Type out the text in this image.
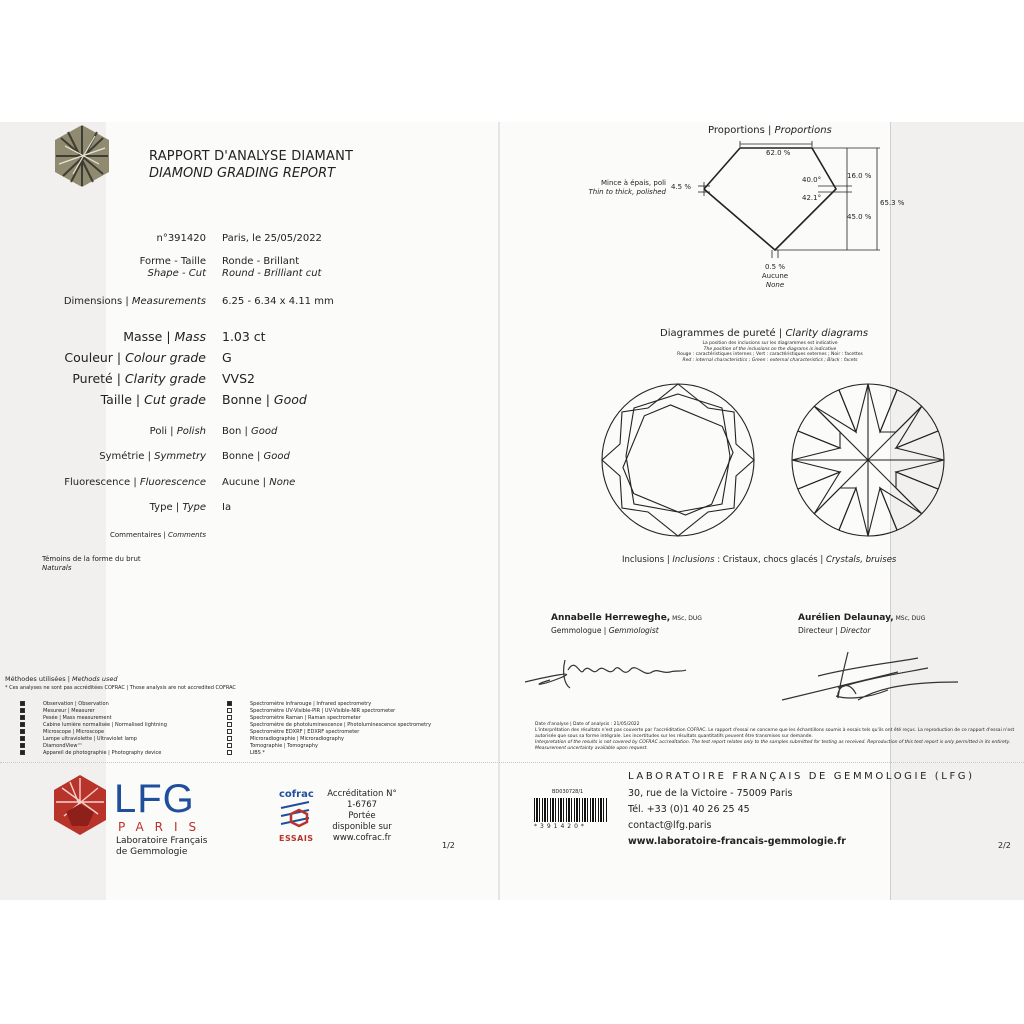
RAPPORT D'ANALYSE DIAMANT
DIAMOND GRADING REPORT
n°391420 Paris, le 25/05/2022
Forme - Taille
Shape - Cut
Ronde - Brillant
Round - Brilliant cut
Dimensions | Measurements 6.25 - 6.34 x 4.11 mm
Masse | Mass 1.03 ct
Couleur | Colour grade G
Pureté | Clarity grade VVS2
Taille | Cut grade Bonne | Good
Poli | Polish Bon | Good
Symétrie | Symmetry Bonne | Good
Fluorescence | Fluorescence Aucune | None
Type | Type Ia
Commentaires | Comments
Témoins de la forme du brut
Naturals
Méthodes utilisées | Methods used
* Ces analyses ne sont pas accréditées COFRAC | Those analysis are not accredited COFRAC
Observation | Observation
Mesureur | Measurer
Pesée | Mass measurement
Cabine lumière normalisée | Normalised lightning
Microscope | Microscope
Lampe ultraviolette | Ultraviolet lamp
DiamondView™
Appareil de photographie | Photography device
Spectromètre infrarouge | Infrared spectrometry
Spectromètre UV-Visible-PIR | UV-Visible-NIR spectrometer
Spectromètre Raman | Raman spectrometer
Spectromètre de photoluminescence | Photoluminescence spectrometry
Spectromètre EDXRF | EDXRF spectrometer
Microradiographie | Microradiography
Tomographie | Tomography
LIBS *
LFG
PARIS
Laboratoire Français
de Gemmologie
cofrac
ESSAIS
Accréditation N°
1-6767
Portée
disponible sur
www.cofrac.fr
1/2
Proportions | Proportions
62.0 %
40.0°
42.1°
16.0 %
45.0 %
65.3 %
4.5 %
Mince à épais, poli
Thin to thick, polished
0.5 %
Aucune
None
Diagrammes de pureté | Clarity diagrams
La position des inclusions sur les diagrammes est indicative
The position of the inclusions on the diagrams is indicative
Rouge : caractéristiques internes ; Vert : caractéristiques externes ; Noir : facettes
Red : internal characteristics ; Green : external characteristics ; Black : facets
Inclusions | Inclusions : Cristaux, chocs glacés | Crystals, bruises
Annabelle Herreweghe, MSc, DUG
Gemmologue | Gemmologist
Aurélien Delaunay, MSc, DUG
Directeur | Director
Date d'analyse | Date of analysis : 21/05/2022
L'interprétation des résultats n'est pas couverte par l'accréditation COFRAC. Le rapport d'essai ne concerne que les échantillons soumis à essais tels qu'ils ont été reçus. La reproduction de ce rapport d'essai n'est autorisée que sous sa forme intégrale. Les incertitudes sur les résultats quantitatifs peuvent être transmises sur demande.
Interpretation of the results is not covered by COFRAC accreditation. The test report relates only to the samples submitted for testing as received. Reproduction of this test report is only permitted in its entirety. Measurement uncertainty available upon request.
BD030728/1
*391420*
LABORATOIRE FRANÇAIS DE GEMMOLOGIE (LFG)
30, rue de la Victoire - 75009 Paris
Tél. +33 (0)1 40 26 25 45
contact@lfg.paris
www.laboratoire-francais-gemmologie.fr	2/2
